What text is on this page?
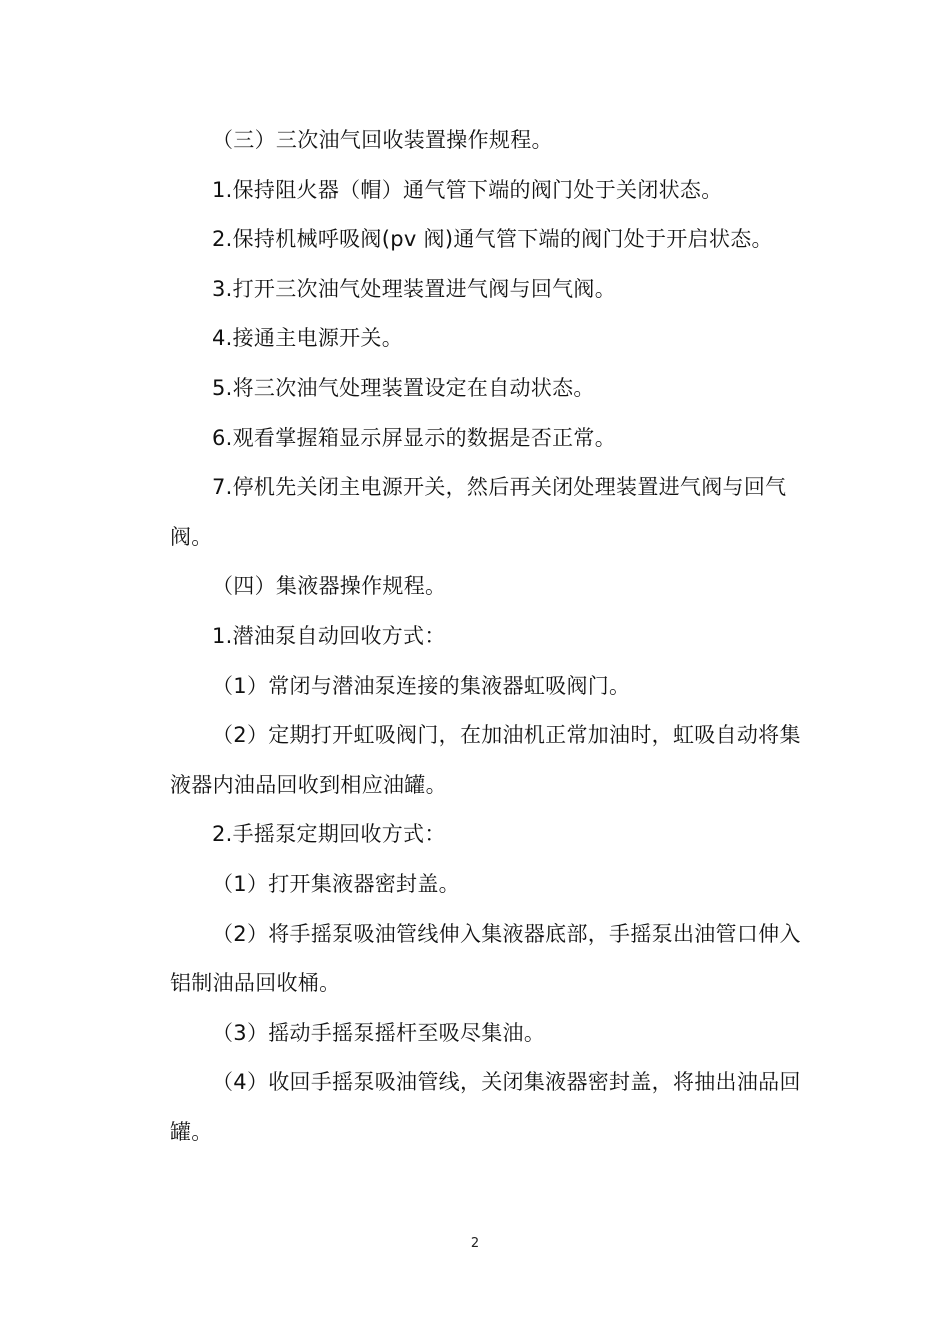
（三）三次油气回收装置操作规程。

1.保持阻火器（帽）通气管下端的阀门处于关闭状态。

2.保持机械呼吸阀(pv 阀)通气管下端的阀门处于开启状态。

3.打开三次油气处理装置进气阀与回气阀。

4.接通主电源开关。

5.将三次油气处理装置设定在自动状态。

6.观看掌握箱显示屏显示的数据是否正常。

7.停机先关闭主电源开关，然后再关闭处理装置进气阀与回气阀。

（四）集液器操作规程。

1.潜油泵自动回收方式：

（1）常闭与潜油泵连接的集液器虹吸阀门。

（2）定期打开虹吸阀门，在加油机正常加油时，虹吸自动将集液器内油品回收到相应油罐。

2.手摇泵定期回收方式：

（1）打开集液器密封盖。

（2）将手摇泵吸油管线伸入集液器底部，手摇泵出油管口伸入铝制油品回收桶。

（3）摇动手摇泵摇杆至吸尽集油。

（4）收回手摇泵吸油管线，关闭集液器密封盖，将抽出油品回罐。

2
